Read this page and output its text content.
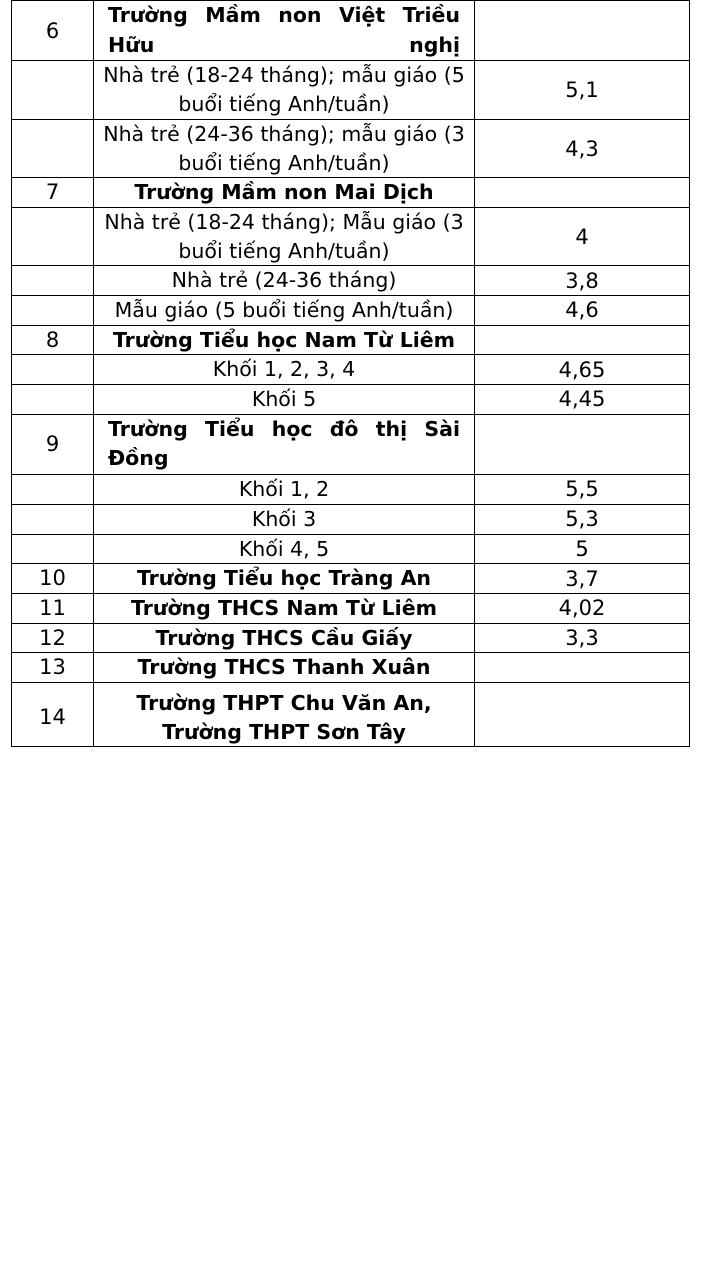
6	Trường Mầm non Việt Triều Hữu nghị	
	Nhà trẻ (18-24 tháng); mẫu giáo (5 buổi tiếng Anh/tuần)	5,1
	Nhà trẻ (24-36 tháng); mẫu giáo (3 buổi tiếng Anh/tuần)	4,3
7	Trường Mầm non Mai Dịch	
	Nhà trẻ (18-24 tháng); Mẫu giáo (3 buổi tiếng Anh/tuần)	4
	Nhà trẻ (24-36 tháng)	3,8
	Mẫu giáo (5 buổi tiếng Anh/tuần)	4,6
8	Trường Tiểu học Nam Từ Liêm	
	Khối 1, 2, 3, 4	4,65
	Khối 5	4,45
9	Trường Tiểu học đô thị Sài Đồng	
	Khối 1, 2	5,5
	Khối 3	5,3
	Khối 4, 5	5
10	Trường Tiểu học Tràng An	3,7
11	Trường THCS Nam Từ Liêm	4,02
12	Trường THCS Cầu Giấy	3,3
13	Trường THCS Thanh Xuân	
14	Trường THPT Chu Văn An, Trường THPT Sơn Tây	
